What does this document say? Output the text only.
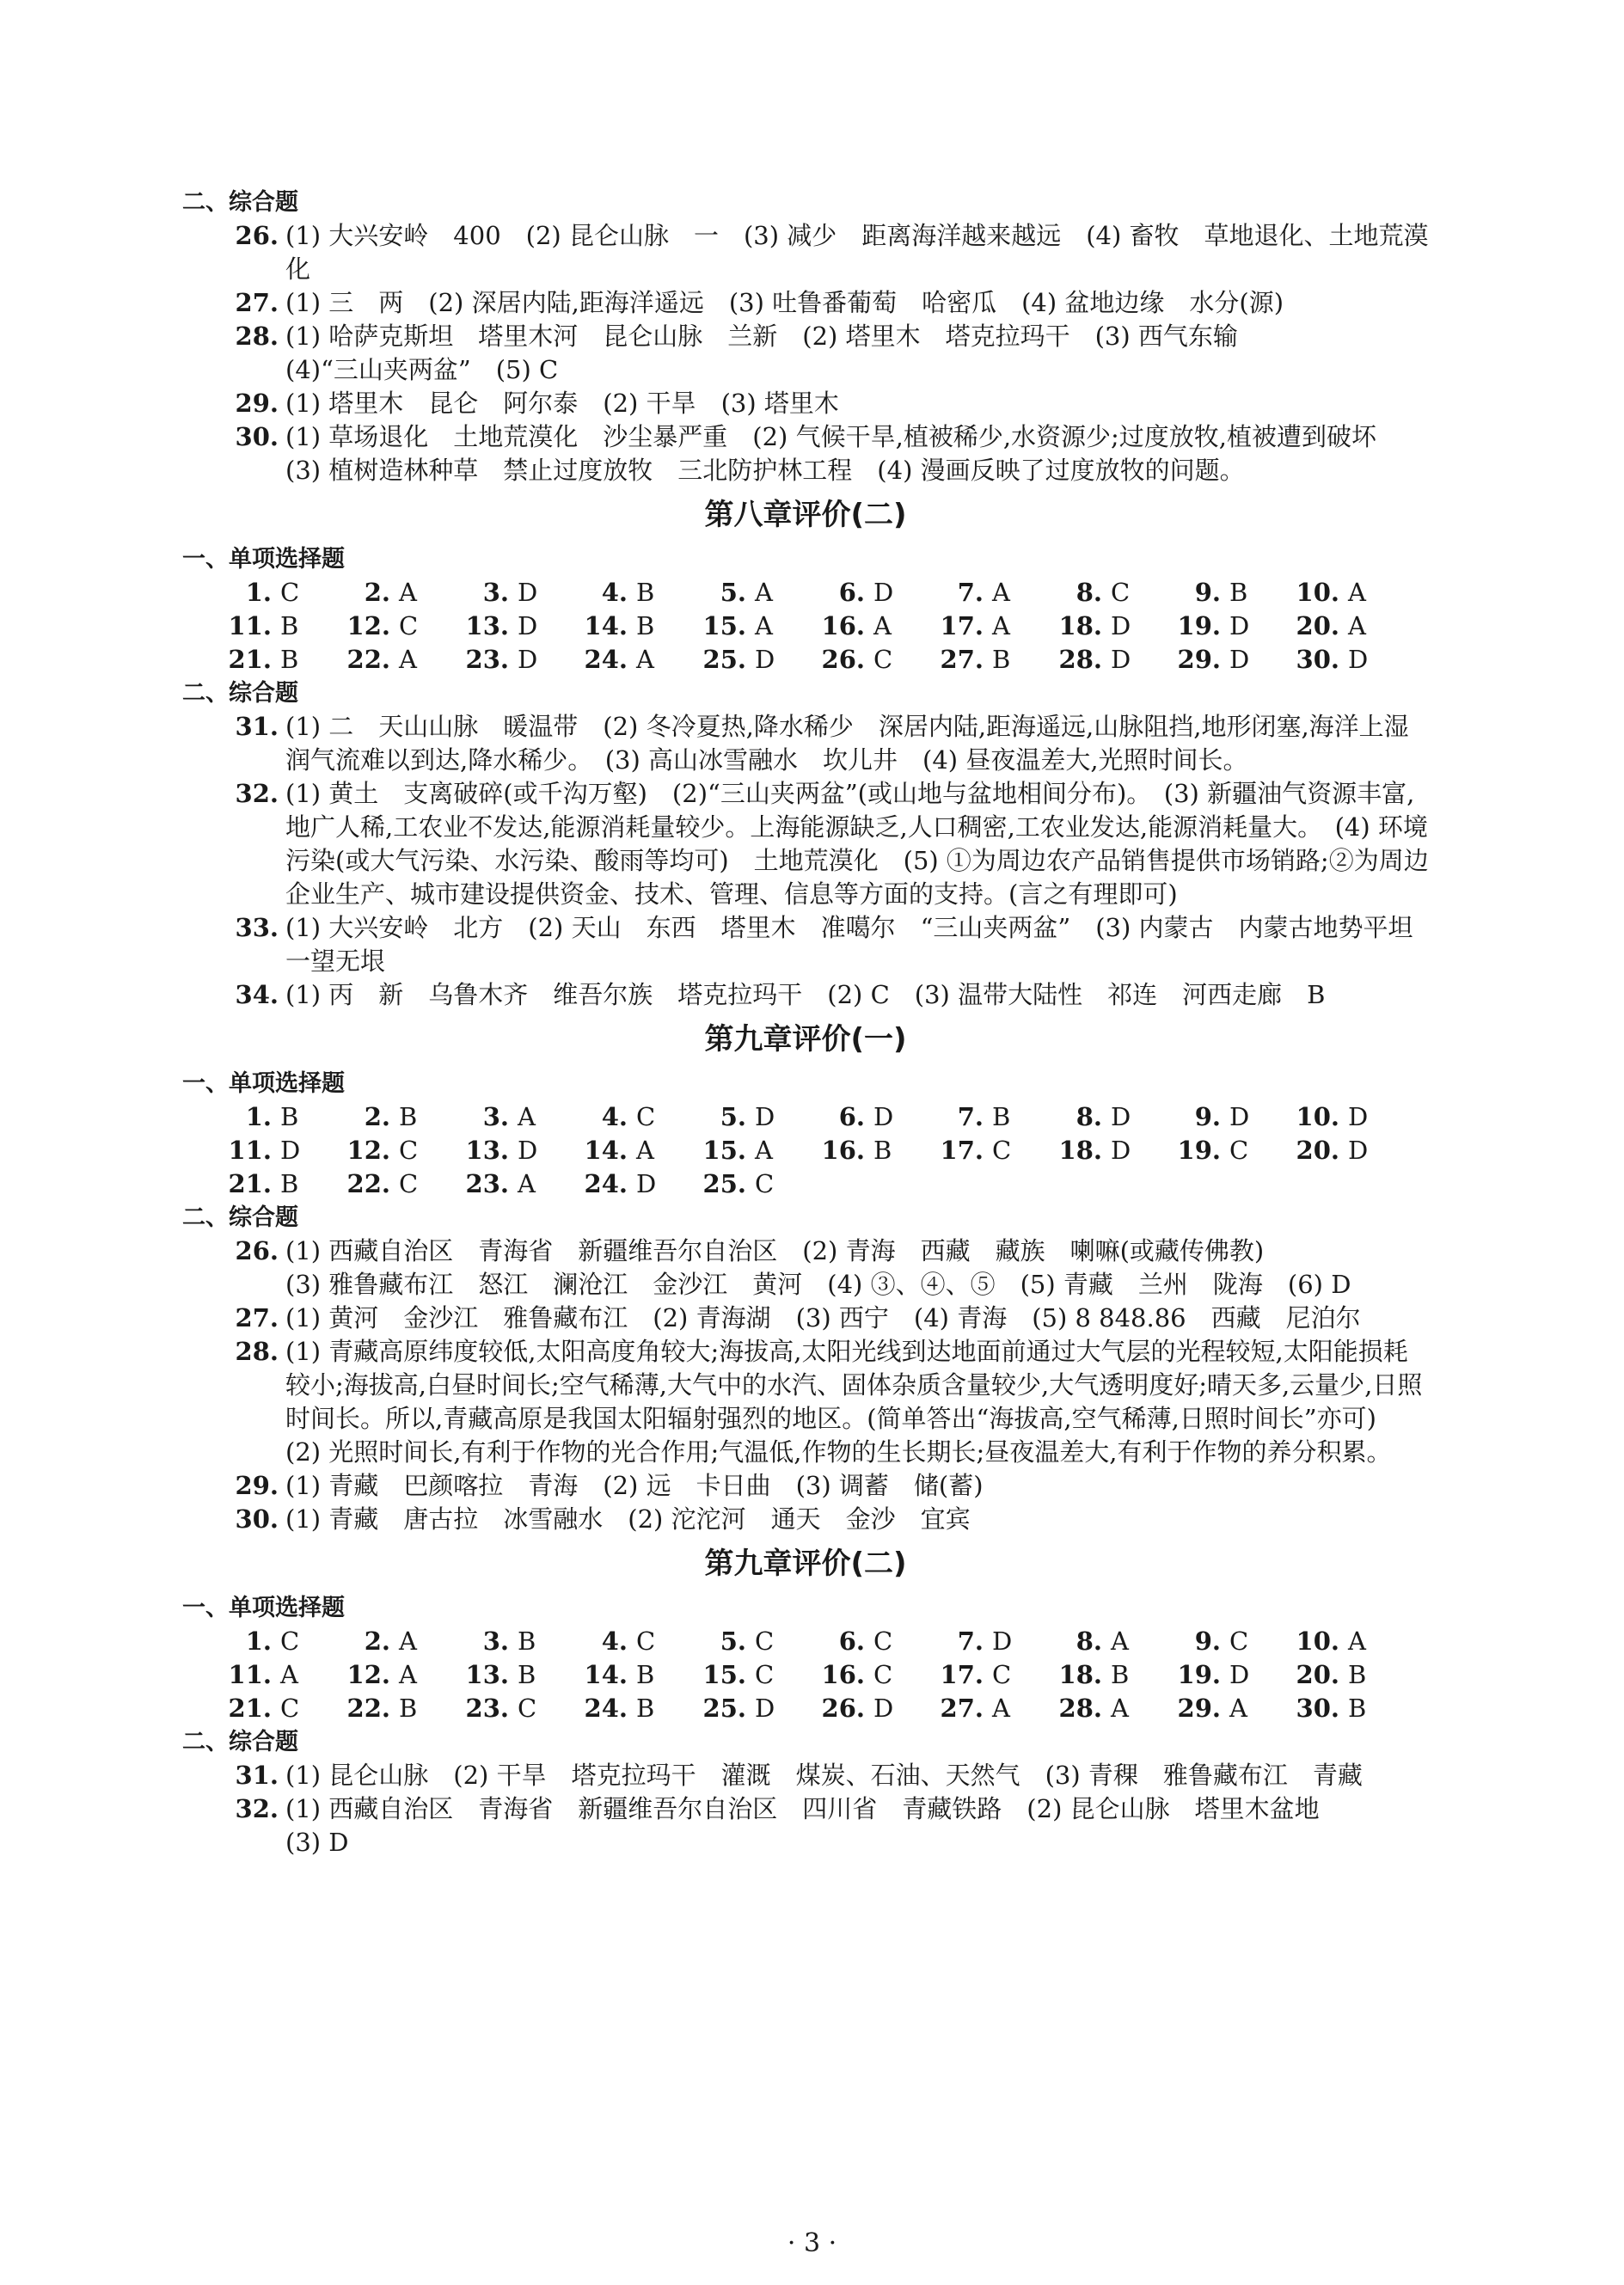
二、综合题
26. (1) 大兴安岭　400　(2) 昆仑山脉　一　(3) 减少　距离海洋越来越远　(4) 畜牧　草地退化、土地荒漠化
27. (1) 三　两　(2) 深居内陆,距海洋遥远　(3) 吐鲁番葡萄　哈密瓜　(4) 盆地边缘　水分(源)
28. (1) 哈萨克斯坦　塔里木河　昆仑山脉　兰新　(2) 塔里木　塔克拉玛干　(3) 西气东输
(4)“三山夹两盆”　(5) C
29. (1) 塔里木　昆仑　阿尔泰　(2) 干旱　(3) 塔里木
30. (1) 草场退化　土地荒漠化　沙尘暴严重　(2) 气候干旱,植被稀少,水资源少;过度放牧,植被遭到破坏　(3) 植树造林种草　禁止过度放牧　三北防护林工程　(4) 漫画反映了过度放牧的问题。
第八章评价(二)
一、单项选择题
1. C	2. A	3. D	4. B	5. A	6. D	7. A	8. C	9. B	10. A
11. B	12. C	13. D	14. B	15. A	16. A	17. A	18. D	19. D	20. A
21. B	22. A	23. D	24. A	25. D	26. C	27. B	28. D	29. D	30. D
二、综合题
31. (1) 二　天山山脉　暖温带　(2) 冬冷夏热,降水稀少　深居内陆,距海遥远,山脉阻挡,地形闭塞,海洋上湿润气流难以到达,降水稀少。　(3) 高山冰雪融水　坎儿井　(4) 昼夜温差大,光照时间长。
32. (1) 黄土　支离破碎(或千沟万壑)　(2)“三山夹两盆”(或山地与盆地相间分布)。　(3) 新疆油气资源丰富,地广人稀,工农业不发达,能源消耗量较少。上海能源缺乏,人口稠密,工农业发达,能源消耗量大。　(4) 环境污染(或大气污染、水污染、酸雨等均可)　土地荒漠化　(5) ①为周边农产品销售提供市场销路;②为周边企业生产、城市建设提供资金、技术、管理、信息等方面的支持。(言之有理即可)
33. (1) 大兴安岭　北方　(2) 天山　东西　塔里木　准噶尔　“三山夹两盆”　(3) 内蒙古　内蒙古地势平坦　一望无垠
34. (1) 丙　新　乌鲁木齐　维吾尔族　塔克拉玛干　(2) C　(3) 温带大陆性　祁连　河西走廊　B
第九章评价(一)
一、单项选择题
1. B	2. B	3. A	4. C	5. D	6. D	7. B	8. D	9. D	10. D
11. D	12. C	13. D	14. A	15. A	16. B	17. C	18. D	19. C	20. D
21. B	22. C	23. A	24. D	25. C
二、综合题
26. (1) 西藏自治区　青海省　新疆维吾尔自治区　(2) 青海　西藏　藏族　喇嘛(或藏传佛教)
(3) 雅鲁藏布江　怒江　澜沧江　金沙江　黄河　(4) ③、④、⑤　(5) 青藏　兰州　陇海　(6) D
27. (1) 黄河　金沙江　雅鲁藏布江　(2) 青海湖　(3) 西宁　(4) 青海　(5) 8 848.86　西藏　尼泊尔
28. (1) 青藏高原纬度较低,太阳高度角较大;海拔高,太阳光线到达地面前通过大气层的光程较短,太阳能损耗较小;海拔高,白昼时间长;空气稀薄,大气中的水汽、固体杂质含量较少,大气透明度好;晴天多,云量少,日照时间长。所以,青藏高原是我国太阳辐射强烈的地区。(简单答出“海拔高,空气稀薄,日照时间长”亦可)
(2) 光照时间长,有利于作物的光合作用;气温低,作物的生长期长;昼夜温差大,有利于作物的养分积累。
29. (1) 青藏　巴颜喀拉　青海　(2) 远　卡日曲　(3) 调蓄　储(蓄)
30. (1) 青藏　唐古拉　冰雪融水　(2) 沱沱河　通天　金沙　宜宾
第九章评价(二)
一、单项选择题
1. C	2. A	3. B	4. C	5. C	6. C	7. D	8. A	9. C	10. A
11. A	12. A	13. B	14. B	15. C	16. C	17. C	18. B	19. D	20. B
21. C	22. B	23. C	24. B	25. D	26. D	27. A	28. A	29. A	30. B
二、综合题
31. (1) 昆仑山脉　(2) 干旱　塔克拉玛干　灌溉　煤炭、石油、天然气　(3) 青稞　雅鲁藏布江　青藏
32. (1) 西藏自治区　青海省　新疆维吾尔自治区　四川省　青藏铁路　(2) 昆仑山脉　塔里木盆地
(3) D
· 3 ·
